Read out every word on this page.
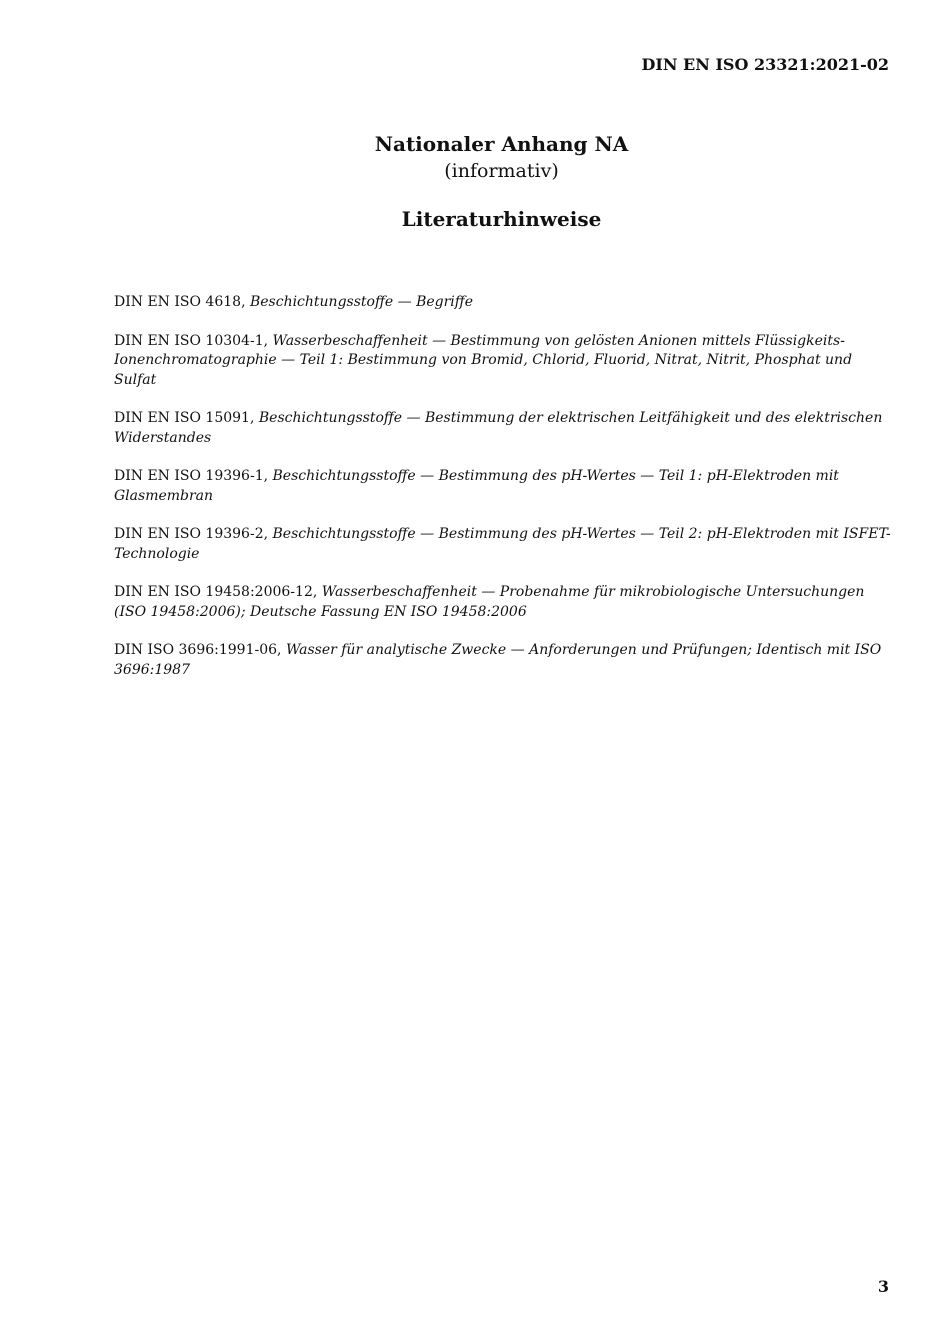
DIN EN ISO 23321:2021-02
Nationaler Anhang NA
(informativ)
Literaturhinweise
DIN EN ISO 4618, Beschichtungsstoffe — Begriffe
DIN EN ISO 10304-1, Wasserbeschaffenheit — Bestimmung von gelösten Anionen mittels Flüssigkeits-Ionenchromatographie — Teil 1: Bestimmung von Bromid, Chlorid, Fluorid, Nitrat, Nitrit, Phosphat und Sulfat
DIN EN ISO 15091, Beschichtungsstoffe — Bestimmung der elektrischen Leitfähigkeit und des elektrischen Widerstandes
DIN EN ISO 19396-1, Beschichtungsstoffe — Bestimmung des pH-Wertes — Teil 1: pH-Elektroden mit Glasmembran
DIN EN ISO 19396-2, Beschichtungsstoffe — Bestimmung des pH-Wertes — Teil 2: pH-Elektroden mit ISFET-Technologie
DIN EN ISO 19458:2006-12, Wasserbeschaffenheit — Probenahme für mikrobiologische Untersuchungen (ISO 19458:2006); Deutsche Fassung EN ISO 19458:2006
DIN ISO 3696:1991-06, Wasser für analytische Zwecke — Anforderungen und Prüfungen; Identisch mit ISO 3696:1987
3
